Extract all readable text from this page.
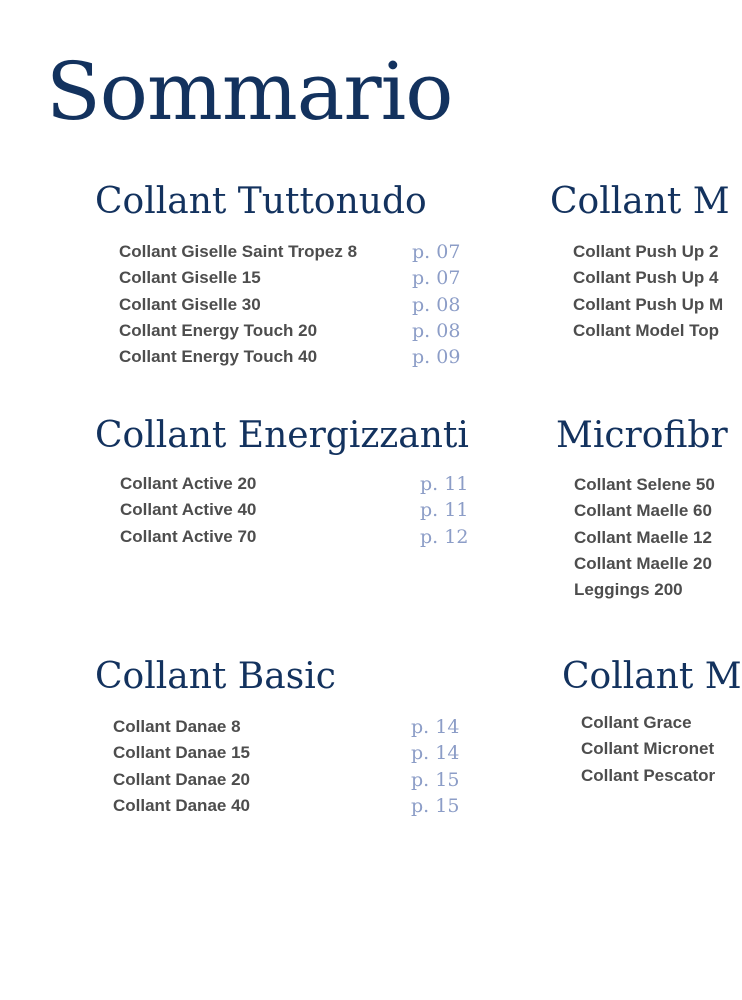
Sommario
Collant Tuttonudo
Collant Giselle Saint Tropez 8	p. 07
Collant Giselle 15	p. 07
Collant Giselle 30	p. 08
Collant Energy Touch 20	p. 08
Collant Energy Touch 40	p. 09
Collant M
Collant Push Up 2
Collant Push Up 4
Collant Push Up M
Collant Model Top
Collant Energizzanti
Collant Active 20	p. 11
Collant Active 40	p. 11
Collant Active 70	p. 12
Microfibr
Collant Selene 50
Collant Maelle 60
Collant Maelle 12
Collant Maelle 20
Leggings 200
Collant Basic
Collant Danae 8	p. 14
Collant Danae 15	p. 14
Collant Danae 20	p. 15
Collant Danae 40	p. 15
Collant M
Collant Grace
Collant Micronet
Collant Pescator
